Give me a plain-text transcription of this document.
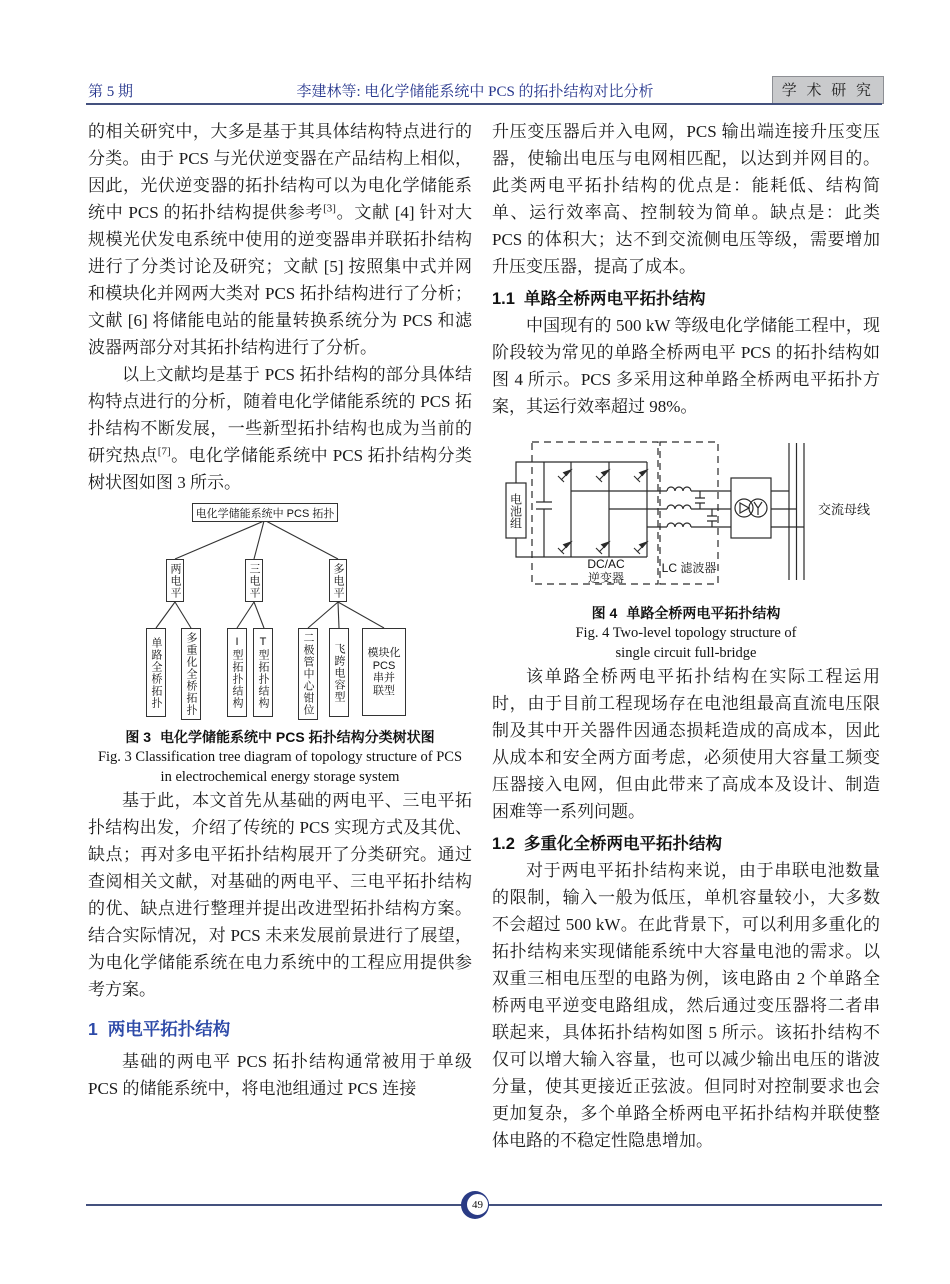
第 5 期	李建林等: 电化学储能系统中 PCS 的拓扑结构对比分析	学 术 研 究

的相关研究中，大多是基于其具体结构特点进行的分类。由于 PCS 与光伏逆变器在产品结构上相似，因此，光伏逆变器的拓扑结构可以为电化学储能系统中 PCS 的拓扑结构提供参考[3]。文献 [4] 针对大规模光伏发电系统中使用的逆变器串并联拓扑结构进行了分类讨论及研究；文献 [5] 按照集中式并网和模块化并网两大类对 PCS 拓扑结构进行了分析；文献 [6] 将储能电站的能量转换系统分为 PCS 和滤波器两部分对其拓扑结构进行了分析。

以上文献均是基于 PCS 拓扑结构的部分具体结构特点进行的分析，随着电化学储能系统的 PCS 拓扑结构不断发展，一些新型拓扑结构也成为当前的研究热点[7]。电化学储能系统中 PCS 拓扑结构分类树状图如图 3 所示。

电化学储能系统中 PCS 拓扑
两电平	三电平	多电平
单路全桥拓扑	多重化全桥拓扑	I型拓扑结构	T型拓扑结构	二极管中心钳位	飞跨电容型	模块化
PCS
串并
联型
图 3 电化学储能系统中 PCS 拓扑结构分类树状图
Fig. 3 Classification tree diagram of topology structure of PCS
in electrochemical energy storage system

基于此，本文首先从基础的两电平、三电平拓扑结构出发，介绍了传统的 PCS 实现方式及其优、缺点；再对多电平拓扑结构展开了分类研究。通过查阅相关文献，对基础的两电平、三电平拓扑结构的优、缺点进行整理并提出改进型拓扑结构方案。结合实际情况，对 PCS 未来发展前景进行了展望，为电化学储能系统在电力系统中的工程应用提供参考方案。

1 两电平拓扑结构

基础的两电平 PCS 拓扑结构通常被用于单级 PCS 的储能系统中，将电池组通过 PCS 连接

升压变压器后并入电网，PCS 输出端连接升压变压器，使输出电压与电网相匹配，以达到并网目的。此类两电平拓扑结构的优点是：能耗低、结构简单、运行效率高、控制较为简单。缺点是：此类 PCS 的体积大；达不到交流侧电压等级，需要增加升压变压器，提高了成本。

1.1 单路全桥两电平拓扑结构

中国现有的 500 kW 等级电化学储能工程中，现阶段较为常见的单路全桥两电平 PCS 的拓扑结构如图 4 所示。PCS 多采用这种单路全桥两电平拓扑方案，其运行效率超过 98%。

电池组
DC/AC
逆变器
LC 滤波器
交流母线
图 4 单路全桥两电平拓扑结构
Fig. 4 Two-level topology structure of
single circuit full-bridge

该单路全桥两电平拓扑结构在实际工程运用时，由于目前工程现场存在电池组最高直流电压限制及其中开关器件因通态损耗造成的高成本，因此从成本和安全两方面考虑，必须使用大容量工频变压器接入电网，但由此带来了高成本及设计、制造困难等一系列问题。

1.2 多重化全桥两电平拓扑结构

对于两电平拓扑结构来说，由于串联电池数量的限制，输入一般为低压，单机容量较小，大多数不会超过 500 kW。在此背景下，可以利用多重化的拓扑结构来实现储能系统中大容量电池的需求。以双重三相电压型的电路为例，该电路由 2 个单路全桥两电平逆变电路组成，然后通过变压器将二者串联起来，具体拓扑结构如图 5 所示。该拓扑结构不仅可以增大输入容量，也可以减少输出电压的谐波分量，使其更接近正弦波。但同时对控制要求也会更加复杂，多个单路全桥两电平拓扑结构并联使整体电路的不稳定性隐患增加。

49
